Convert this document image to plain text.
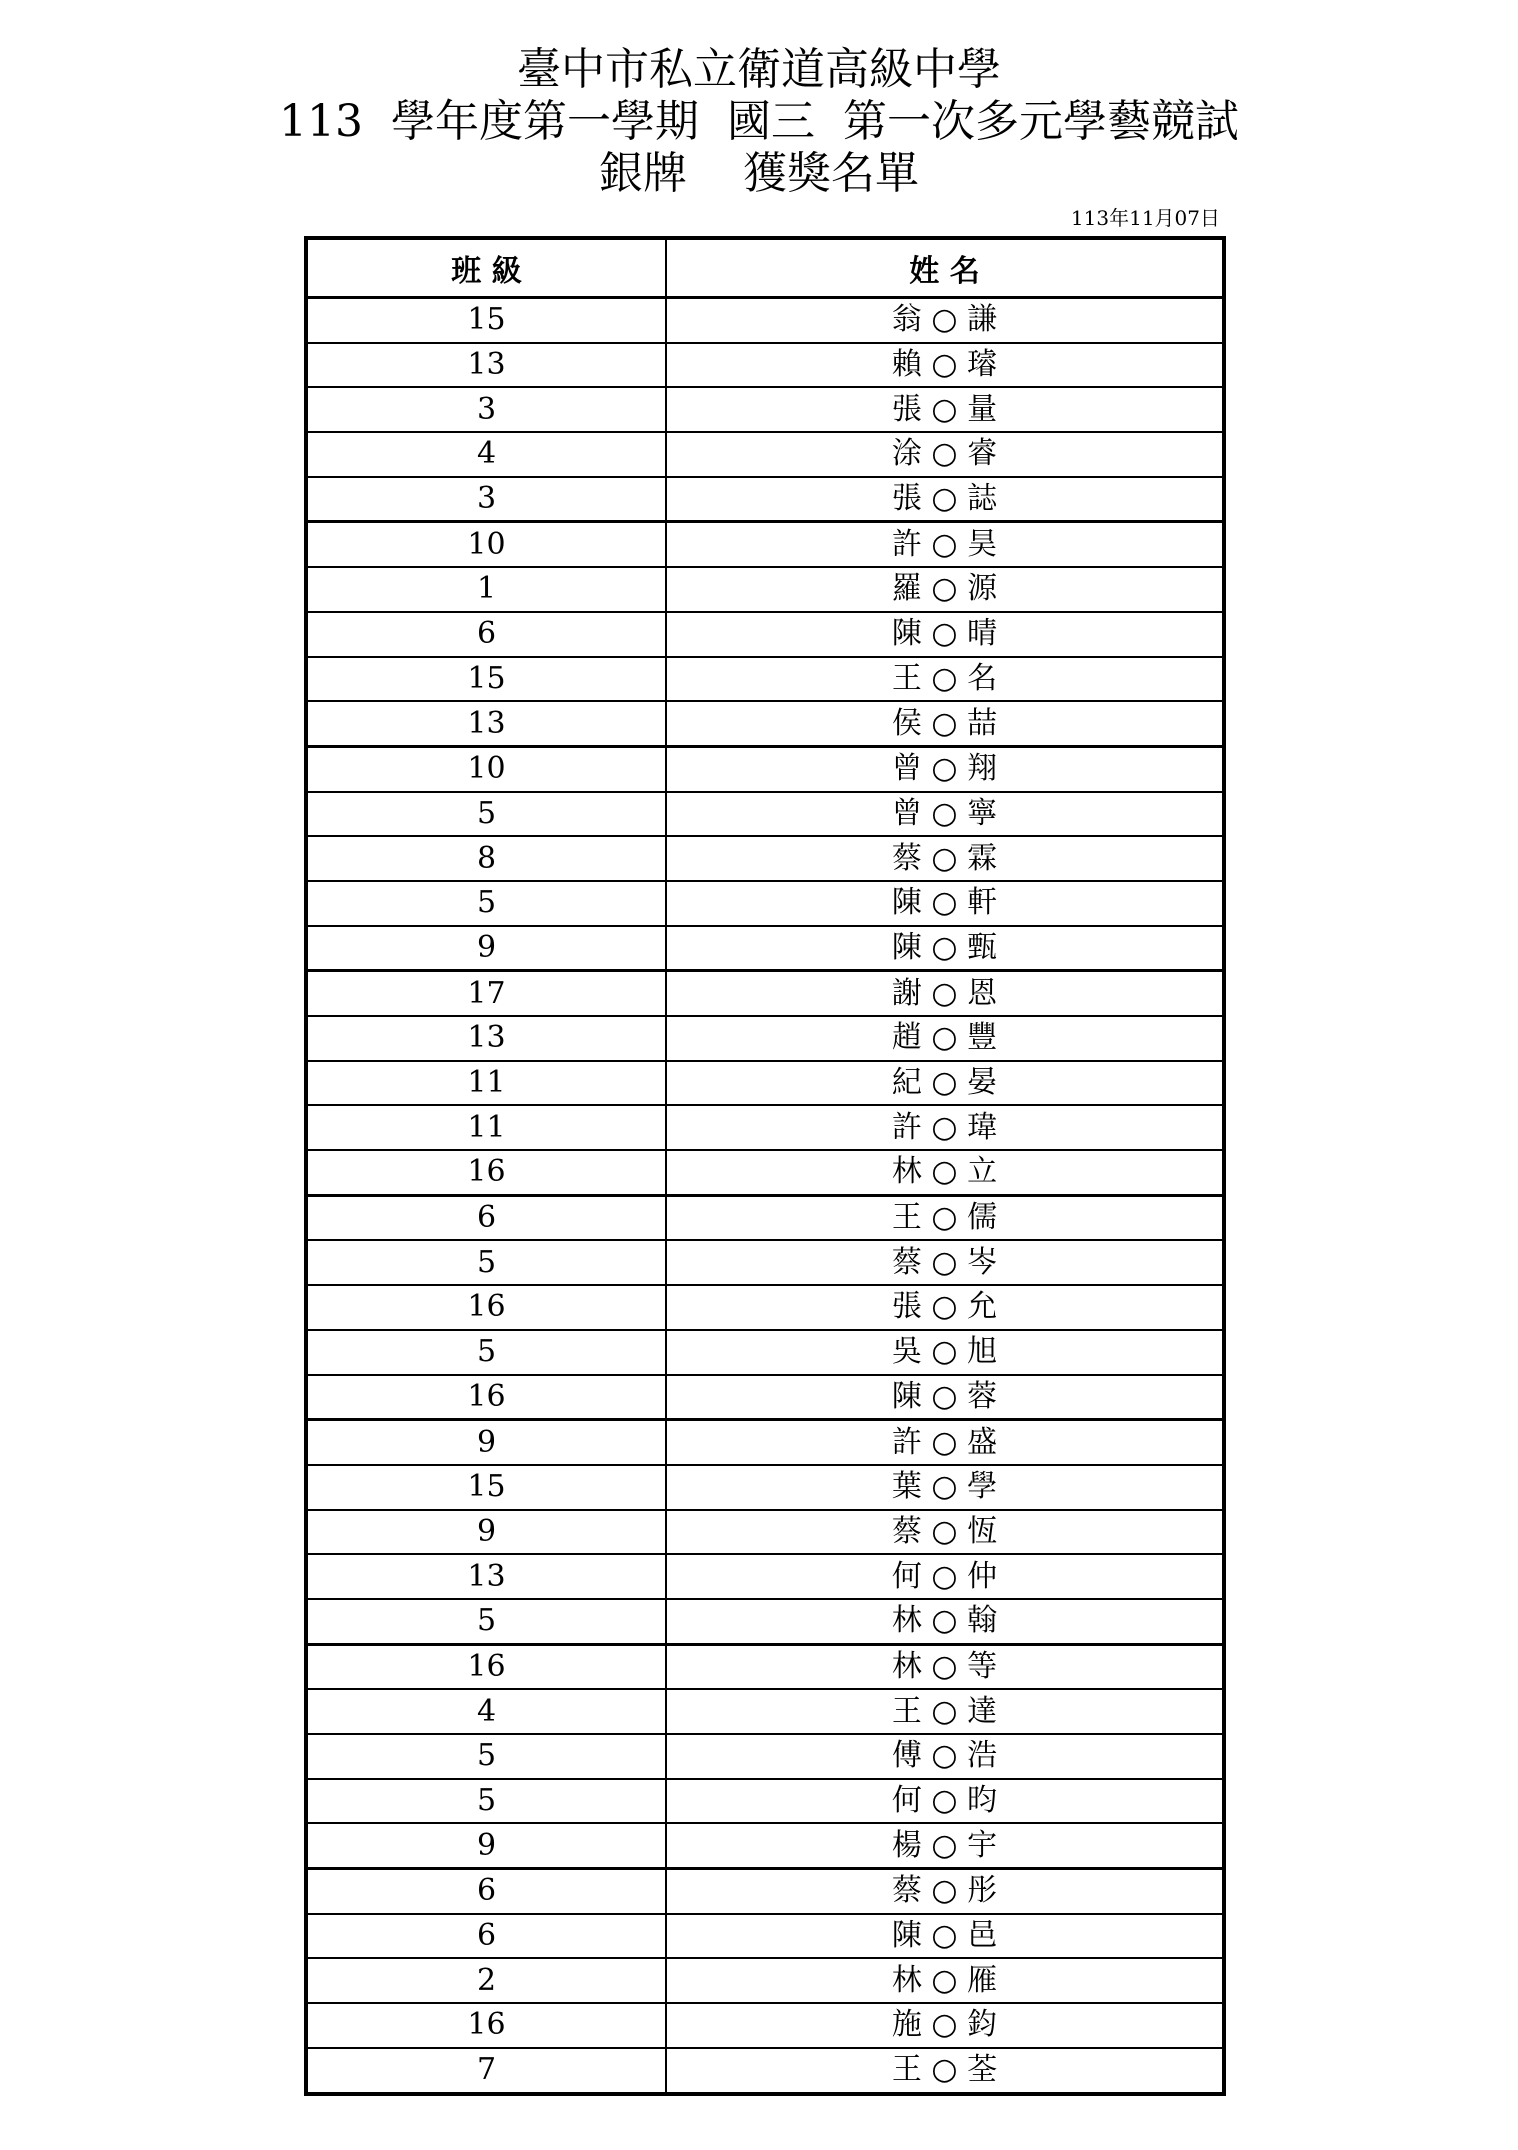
臺中市私立衛道高級中學
113  學年度第一學期  國三  第一次多元學藝競試
銀牌    獲獎名單
113年11月07日
班 級	姓 名
15	翁 ○ 謙
13	賴 ○ 璿
3	張 ○ 量
4	涂 ○ 睿
3	張 ○ 誌
10	許 ○ 昊
1	羅 ○ 源
6	陳 ○ 晴
15	王 ○ 名
13	侯 ○ 喆
10	曾 ○ 翔
5	曾 ○ 寧
8	蔡 ○ 霖
5	陳 ○ 軒
9	陳 ○ 甄
17	謝 ○ 恩
13	趙 ○ 豐
11	紀 ○ 晏
11	許 ○ 瑋
16	林 ○ 立
6	王 ○ 儒
5	蔡 ○ 岑
16	張 ○ 允
5	吳 ○ 旭
16	陳 ○ 蓉
9	許 ○ 盛
15	葉 ○ 學
9	蔡 ○ 恆
13	何 ○ 仲
5	林 ○ 翰
16	林 ○ 等
4	王 ○ 達
5	傅 ○ 浩
5	何 ○ 昀
9	楊 ○ 宇
6	蔡 ○ 彤
6	陳 ○ 邑
2	林 ○ 雁
16	施 ○ 鈞
7	王 ○ 荃
